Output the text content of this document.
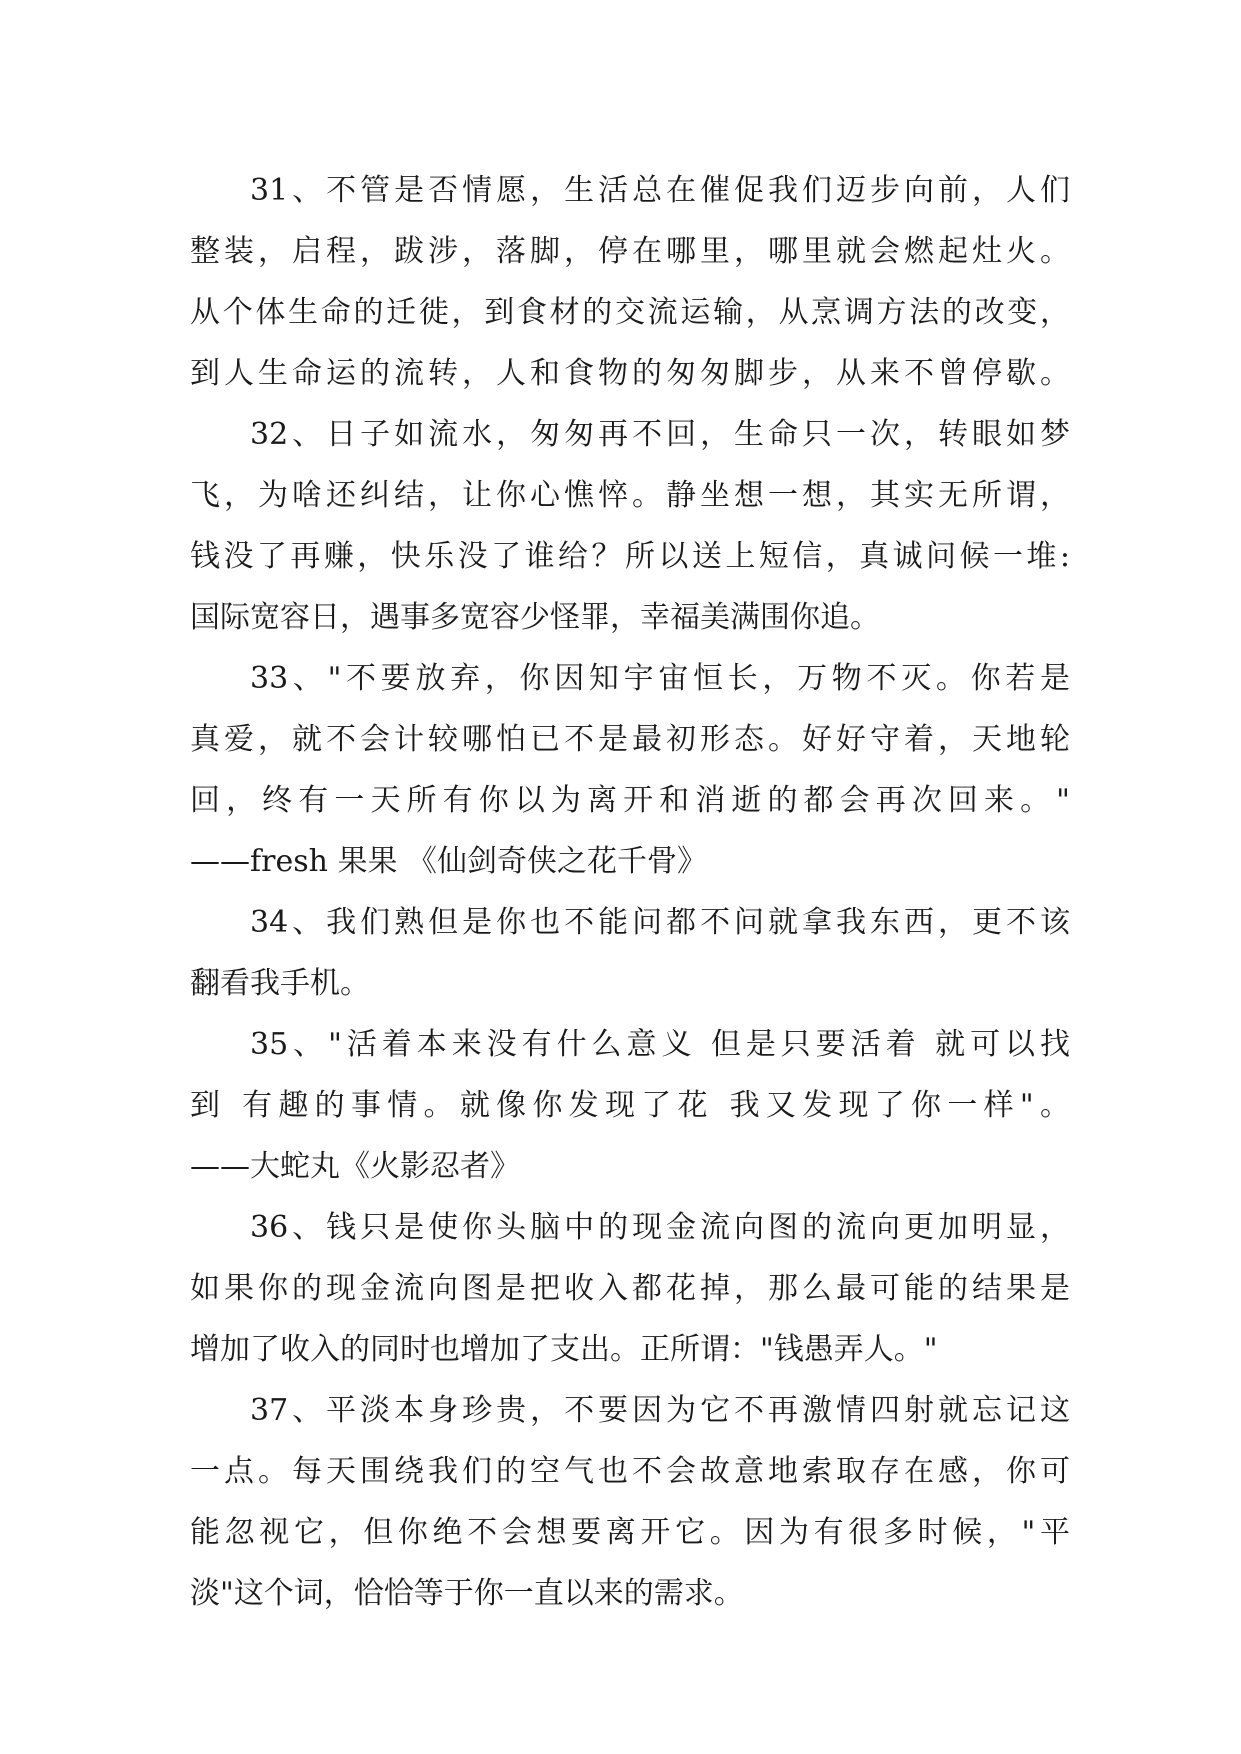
31、不管是否情愿，生活总在催促我们迈步向前，人们
整装，启程，跋涉，落脚，停在哪里，哪里就会燃起灶火。
从个体生命的迁徙，到食材的交流运输，从烹调方法的改变，
到人生命运的流转，人和食物的匆匆脚步，从来不曾停歇。
32、日子如流水，匆匆再不回，生命只一次，转眼如梦
飞，为啥还纠结，让你心憔悴。静坐想一想，其实无所谓，
钱没了再赚，快乐没了谁给？所以送上短信，真诚问候一堆:
国际宽容日，遇事多宽容少怪罪，幸福美满围你追。
33、"不要放弃，你因知宇宙恒长，万物不灭。你若是
真爱，就不会计较哪怕已不是最初形态。好好守着，天地轮
回，终有一天所有你以为离开和消逝的都会再次回来。"
——fresh 果果 《仙剑奇侠之花千骨》
34、我们熟但是你也不能问都不问就拿我东西，更不该
翻看我手机。
35、"活着本来没有什么意义 但是只要活着 就可以找
到 有趣的事情。就像你发现了花 我又发现了你一样"。
——大蛇丸《火影忍者》
36、钱只是使你头脑中的现金流向图的流向更加明显，
如果你的现金流向图是把收入都花掉，那么最可能的结果是
增加了收入的同时也增加了支出。正所谓："钱愚弄人。"
37、平淡本身珍贵，不要因为它不再激情四射就忘记这
一点。每天围绕我们的空气也不会故意地索取存在感，你可
能忽视它，但你绝不会想要离开它。因为有很多时候，"平
淡"这个词，恰恰等于你一直以来的需求。
